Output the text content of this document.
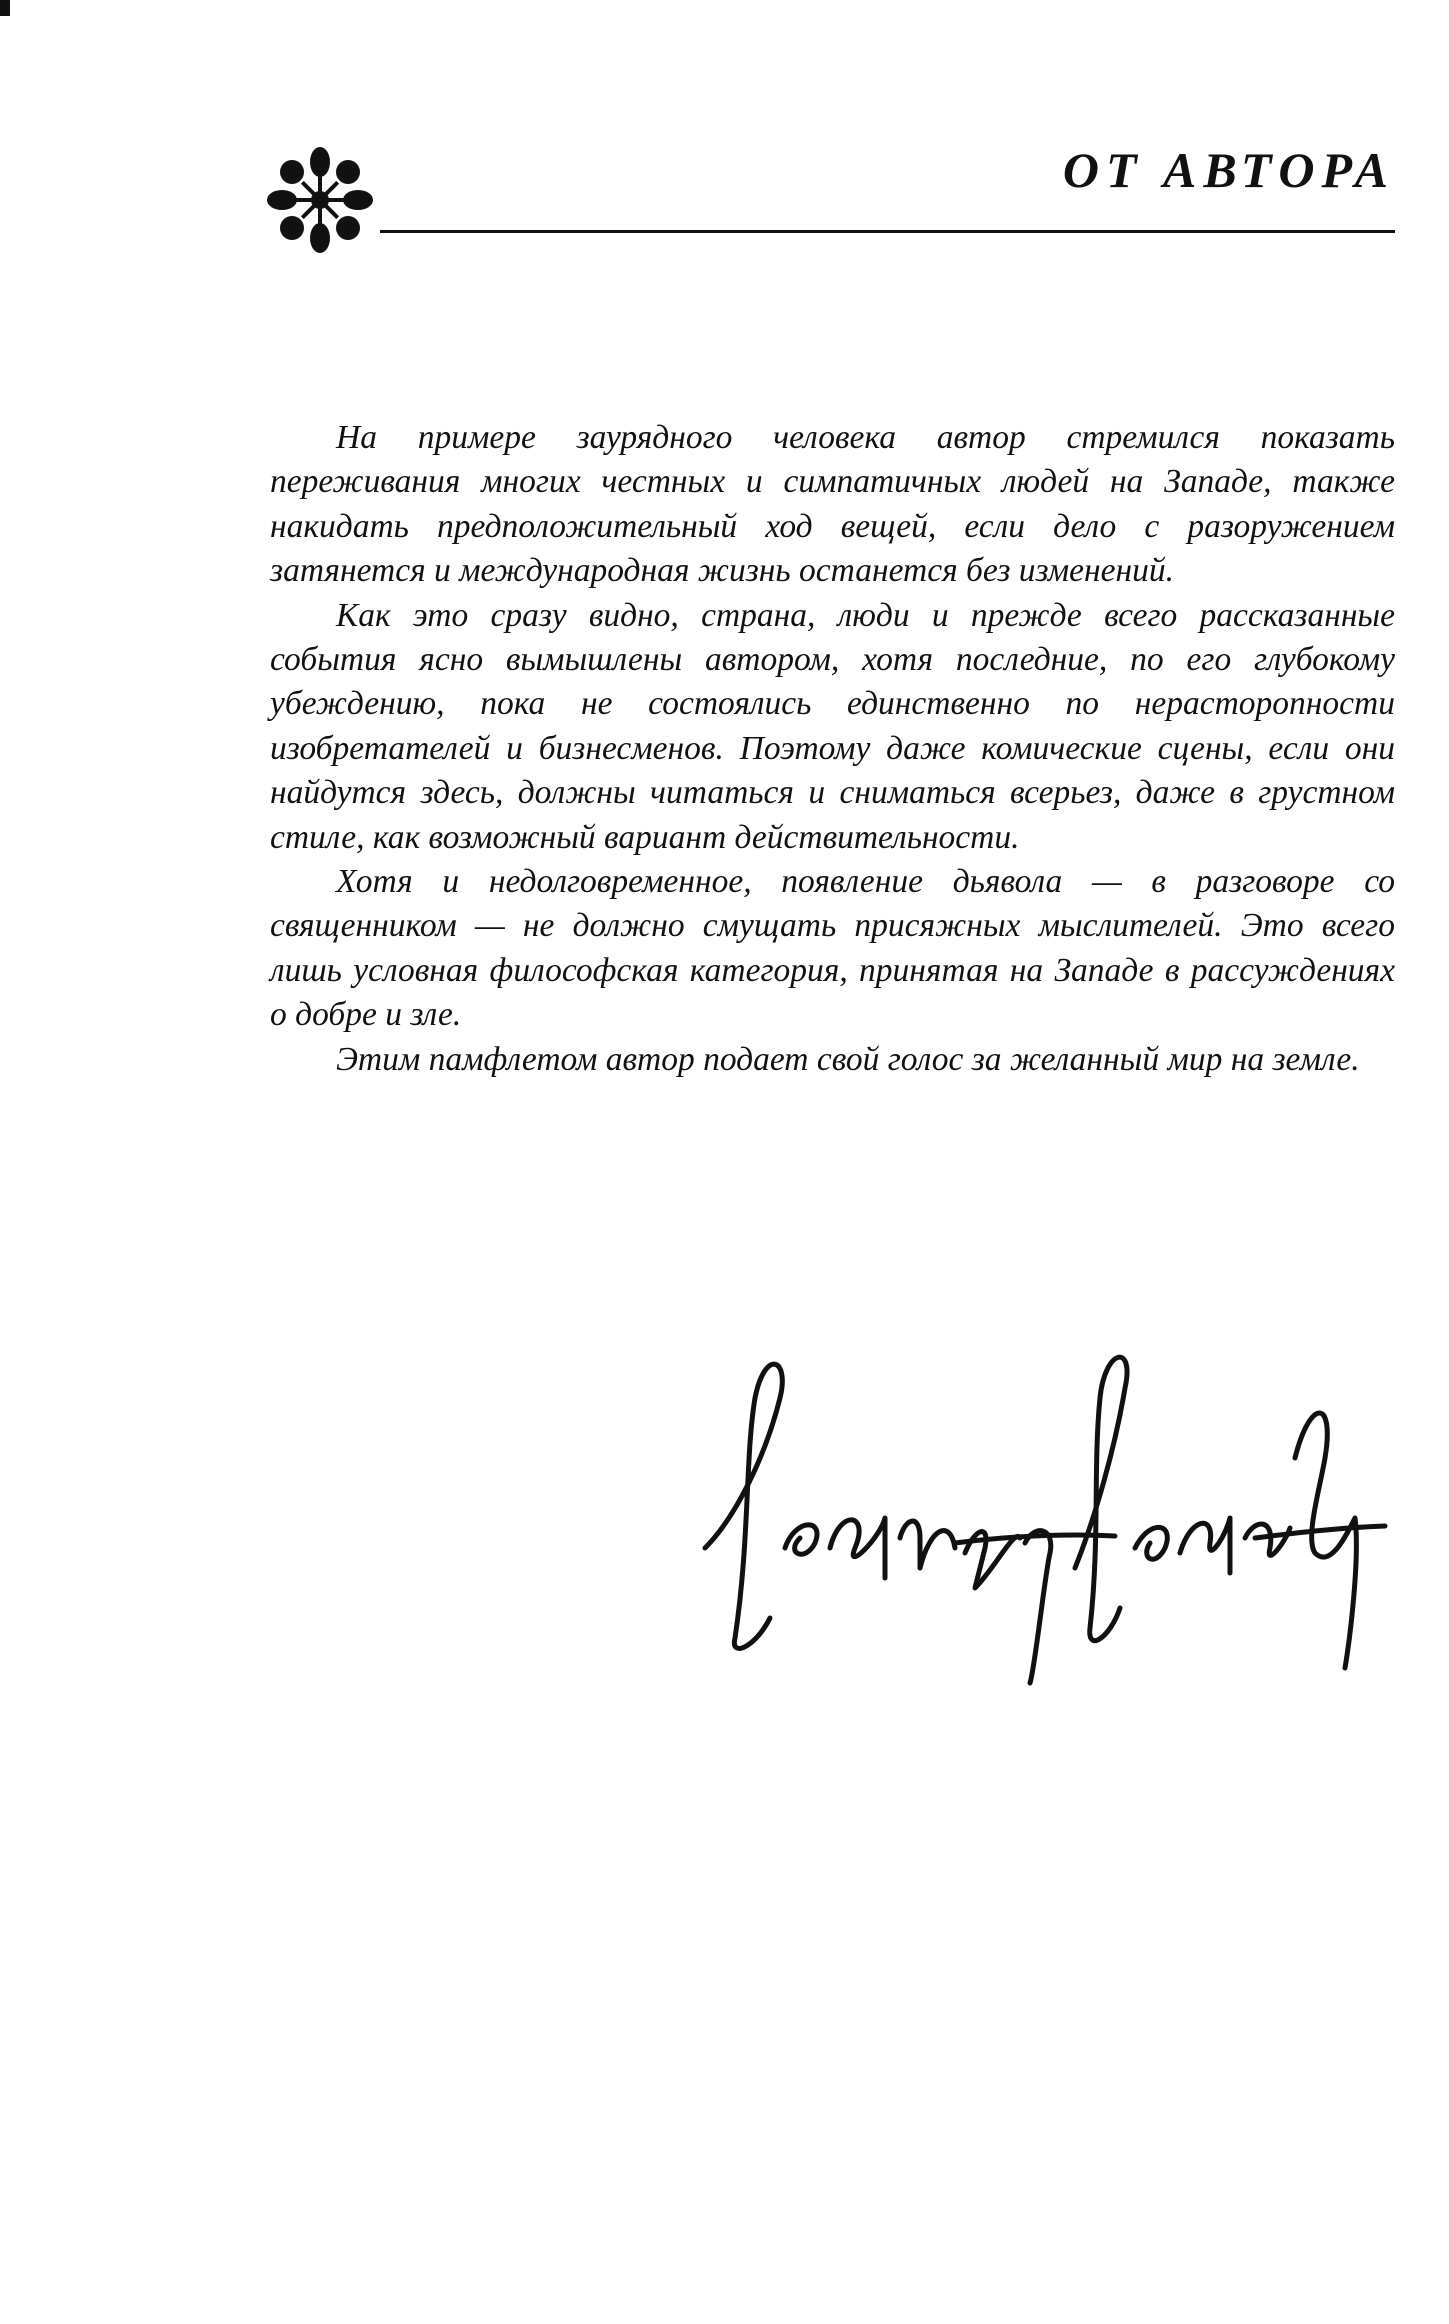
ОТ АВТОРА

На примере заурядного человека автор стремился показать переживания многих честных и симпатичных людей на Западе, также накидать предположительный ход вещей, если дело с разоружением затянется и международная жизнь останется без изменений.

Как это сразу видно, страна, люди и прежде всего рассказанные события ясно вымышлены автором, хотя последние, по его глубокому убеждению, пока не состоялись единственно по нерасторопности изобретателей и бизнесменов. Поэтому даже комические сцены, если они найдутся здесь, должны читаться и сниматься всерьез, даже в грустном стиле, как возможный вариант действительности.

Хотя и недолговременное, появление дьявола — в разговоре со священником — не должно смущать присяжных мыслителей. Это всего лишь условная философская категория, принятая на Западе в рассуждениях о добре и зле.

Этим памфлетом автор подает свой голос за желанный мир на земле.
